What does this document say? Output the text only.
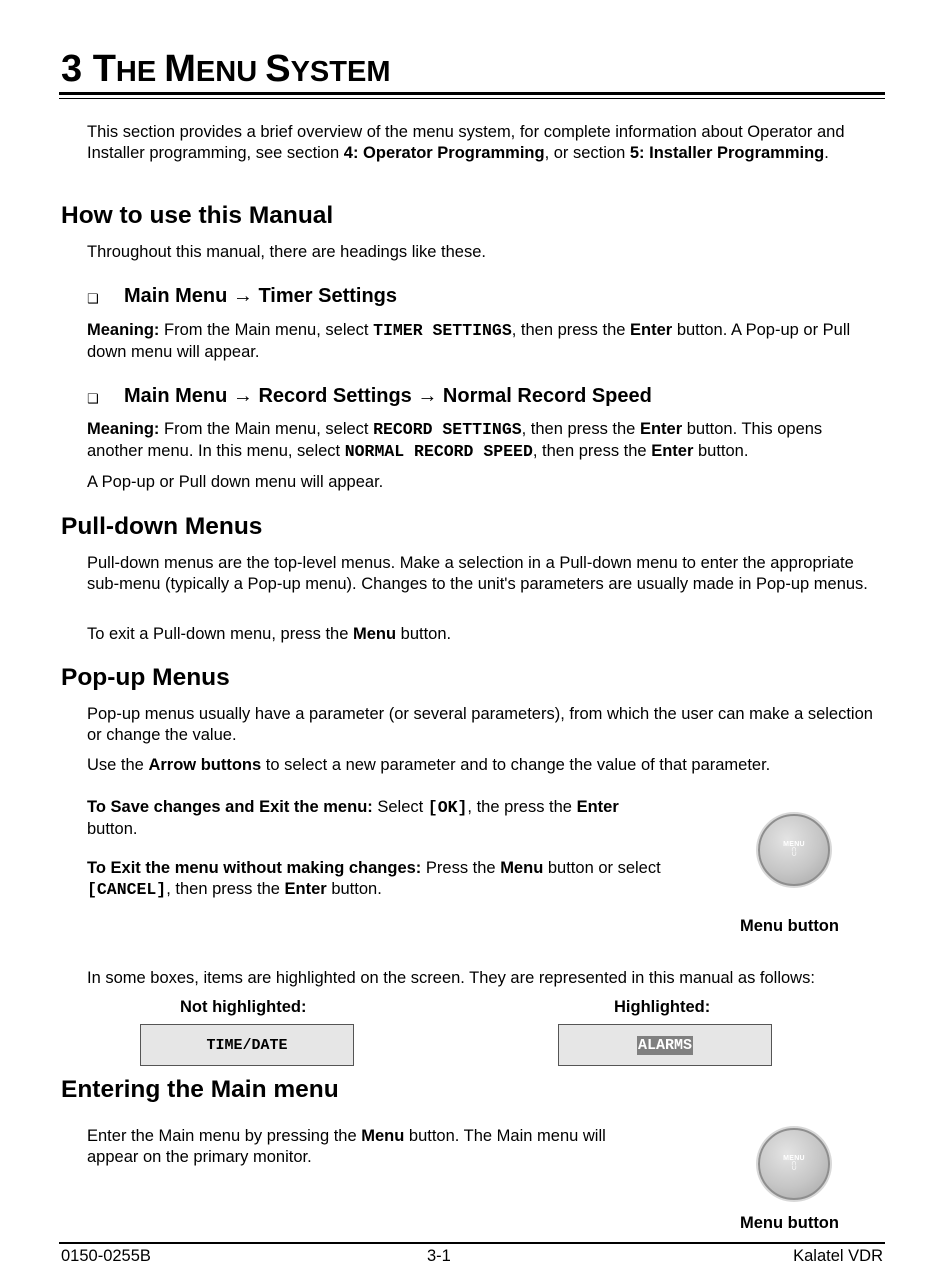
3 THE MENU SYSTEM
This section provides a brief overview of the menu system, for complete information about Operator and Installer programming, see section 4: Operator Programming, or section 5: Installer Programming.
How to use this Manual
Throughout this manual, there are headings like these.
❑ Main Menu → Timer Settings
Meaning: From the Main menu, select TIMER SETTINGS, then press the Enter button. A Pop-up or Pull down menu will appear.
❑ Main Menu → Record Settings → Normal Record Speed
Meaning: From the Main menu, select RECORD SETTINGS, then press the Enter button. This opens another menu. In this menu, select NORMAL RECORD SPEED, then press the Enter button.
A Pop-up or Pull down menu will appear.
Pull-down Menus
Pull-down menus are the top-level menus. Make a selection in a Pull-down menu to enter the appropriate sub-menu (typically a Pop-up menu). Changes to the unit's parameters are usually made in Pop-up menus.
To exit a Pull-down menu, press the Menu button.
Pop-up Menus
Pop-up menus usually have a parameter (or several parameters), from which the user can make a selection or change the value.
Use the Arrow buttons to select a new parameter and to change the value of that parameter.
To Save changes and Exit the menu: Select [OK], the press the Enter button.
To Exit the menu without making changes: Press the Menu button or select [CANCEL], then press the Enter button.
MENU
⩇
Menu button
In some boxes, items are highlighted on the screen. They are represented in this manual as follows:
Not highlighted:	Highlighted:
TIME/DATE	ALARMS
Entering the Main menu
Enter the Main menu by pressing the Menu button. The Main menu will appear on the primary monitor.	MENU
⩇
Menu button
0150-0255B	3-1	Kalatel VDR
